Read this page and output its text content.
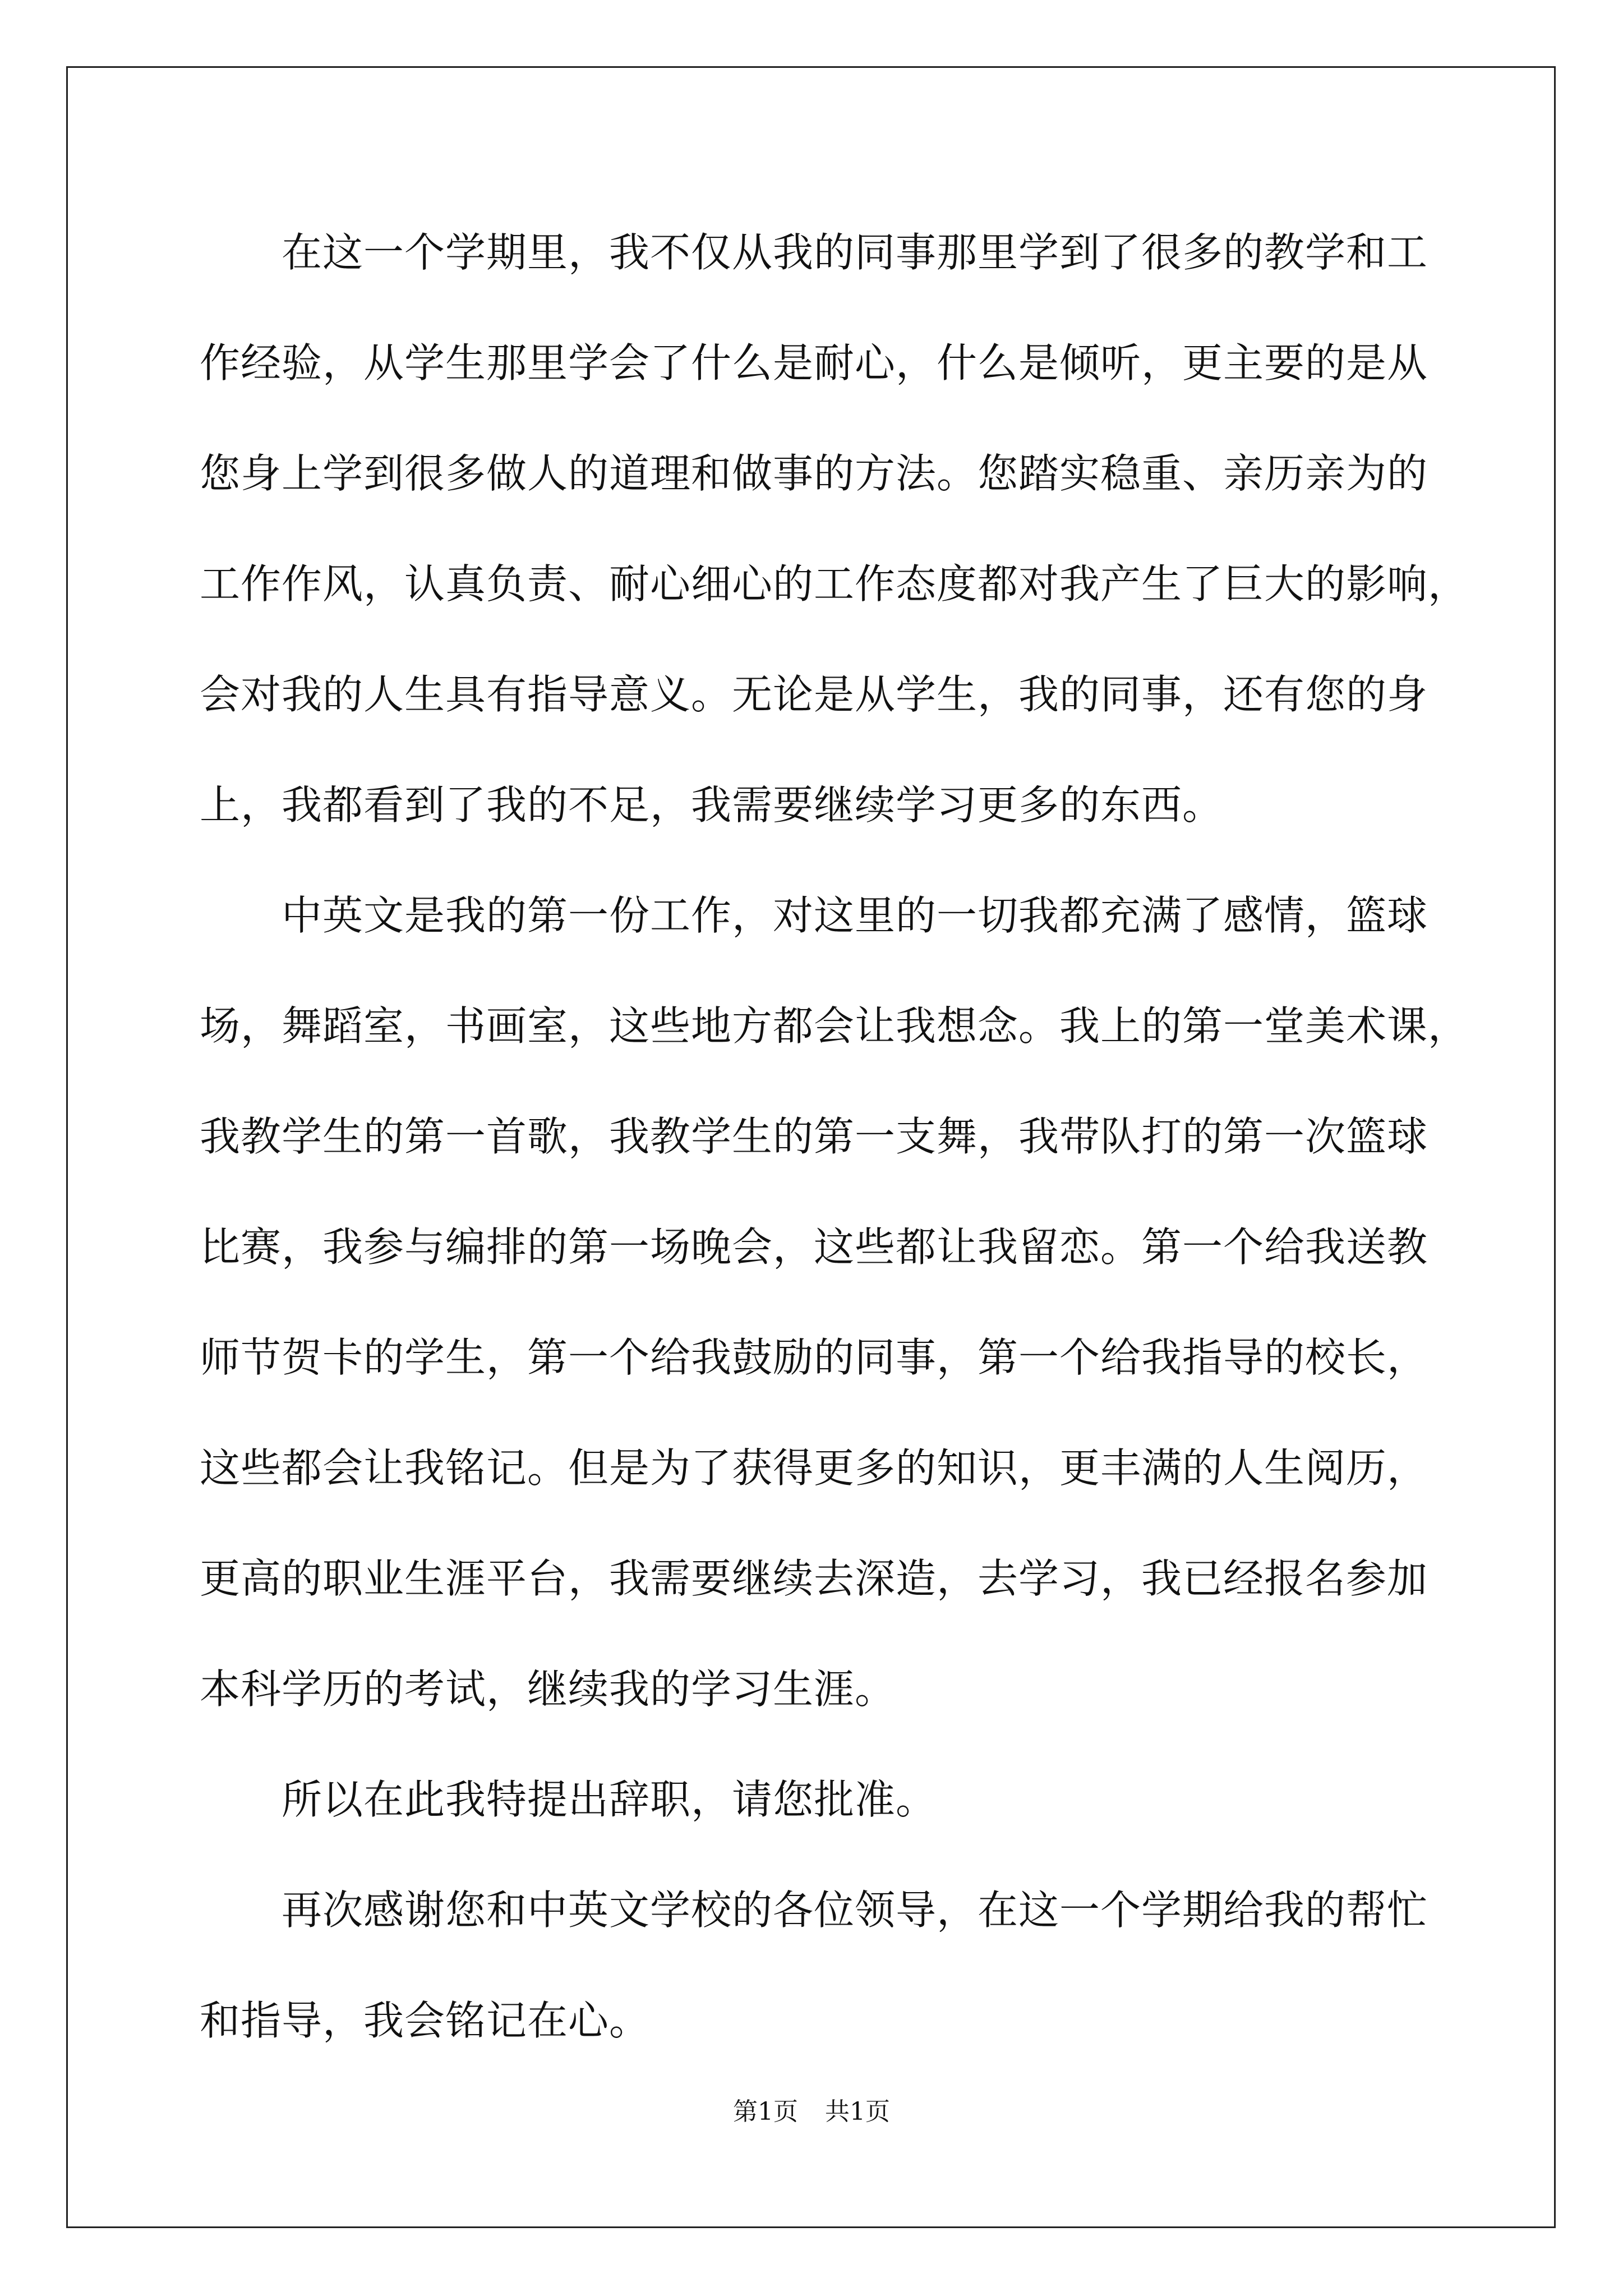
在这一个学期里，我不仅从我的同事那里学到了很多的教学和工
作经验，从学生那里学会了什么是耐心，什么是倾听，更主要的是从
您身上学到很多做人的道理和做事的方法。您踏实稳重、亲历亲为的
工作作风，认真负责、耐心细心的工作态度都对我产生了巨大的影响，
会对我的人生具有指导意义。无论是从学生，我的同事，还有您的身
上，我都看到了我的不足，我需要继续学习更多的东西。
中英文是我的第一份工作，对这里的一切我都充满了感情，篮球
场，舞蹈室，书画室，这些地方都会让我想念。我上的第一堂美术课，
我教学生的第一首歌，我教学生的第一支舞，我带队打的第一次篮球
比赛，我参与编排的第一场晚会，这些都让我留恋。第一个给我送教
师节贺卡的学生，第一个给我鼓励的同事，第一个给我指导的校长，
这些都会让我铭记。但是为了获得更多的知识，更丰满的人生阅历，
更高的职业生涯平台，我需要继续去深造，去学习，我已经报名参加
本科学历的考试，继续我的学习生涯。
所以在此我特提出辞职，请您批准。
再次感谢您和中英文学校的各位领导，在这一个学期给我的帮忙
和指导，我会铭记在心。
第1页 共1页
